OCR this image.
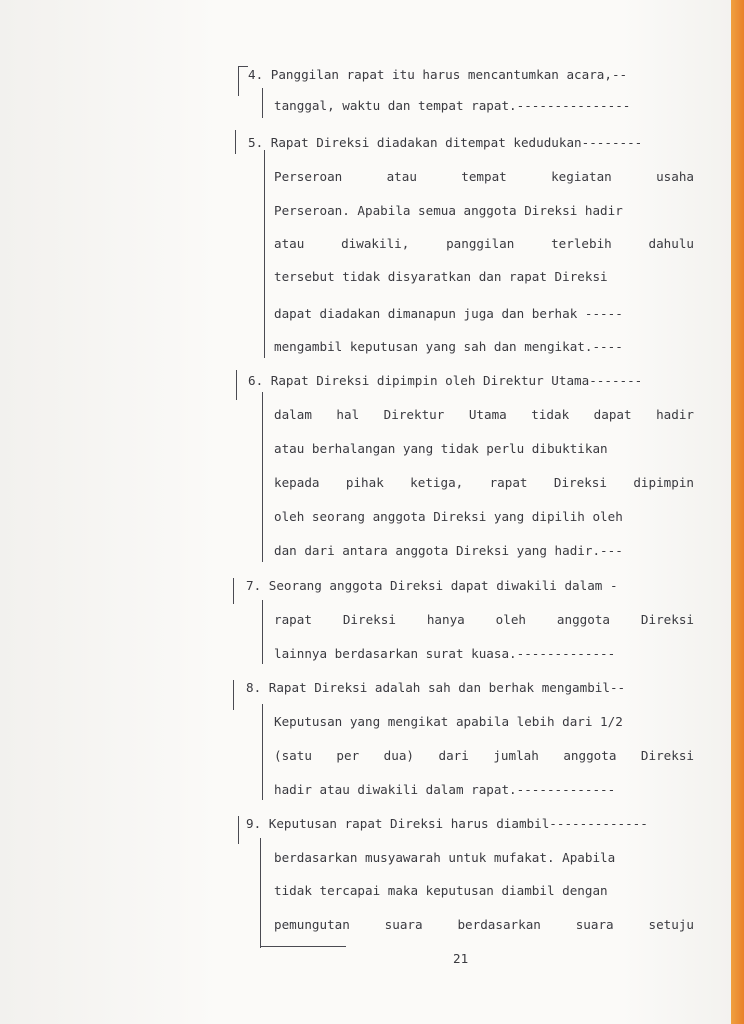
4. Panggilan rapat itu harus mencantumkan acara,--
tanggal, waktu dan tempat rapat.---------------
5. Rapat Direksi diadakan ditempat kedudukan--------
Perseroan atau tempat kegiatan usaha
Perseroan. Apabila semua anggota Direksi hadir
atau diwakili, panggilan terlebih dahulu
tersebut tidak disyaratkan dan rapat Direksi
dapat diadakan dimanapun juga dan berhak -----
mengambil keputusan yang sah dan mengikat.----
6. Rapat Direksi dipimpin oleh Direktur Utama-------
dalam hal Direktur Utama tidak dapat hadir
atau berhalangan yang tidak perlu dibuktikan
kepada pihak ketiga, rapat Direksi dipimpin
oleh seorang anggota Direksi yang dipilih oleh
dan dari antara anggota Direksi yang hadir.---
7. Seorang anggota Direksi dapat diwakili dalam -
rapat Direksi hanya oleh anggota Direksi
lainnya berdasarkan surat kuasa.-------------
8. Rapat Direksi adalah sah dan berhak mengambil--
Keputusan yang mengikat apabila lebih dari 1/2
(satu per dua) dari jumlah anggota Direksi
hadir atau diwakili dalam rapat.-------------
9. Keputusan rapat Direksi harus diambil-------------
berdasarkan musyawarah untuk mufakat. Apabila
tidak tercapai maka keputusan diambil dengan
pemungutan suara berdasarkan suara setuju
21
